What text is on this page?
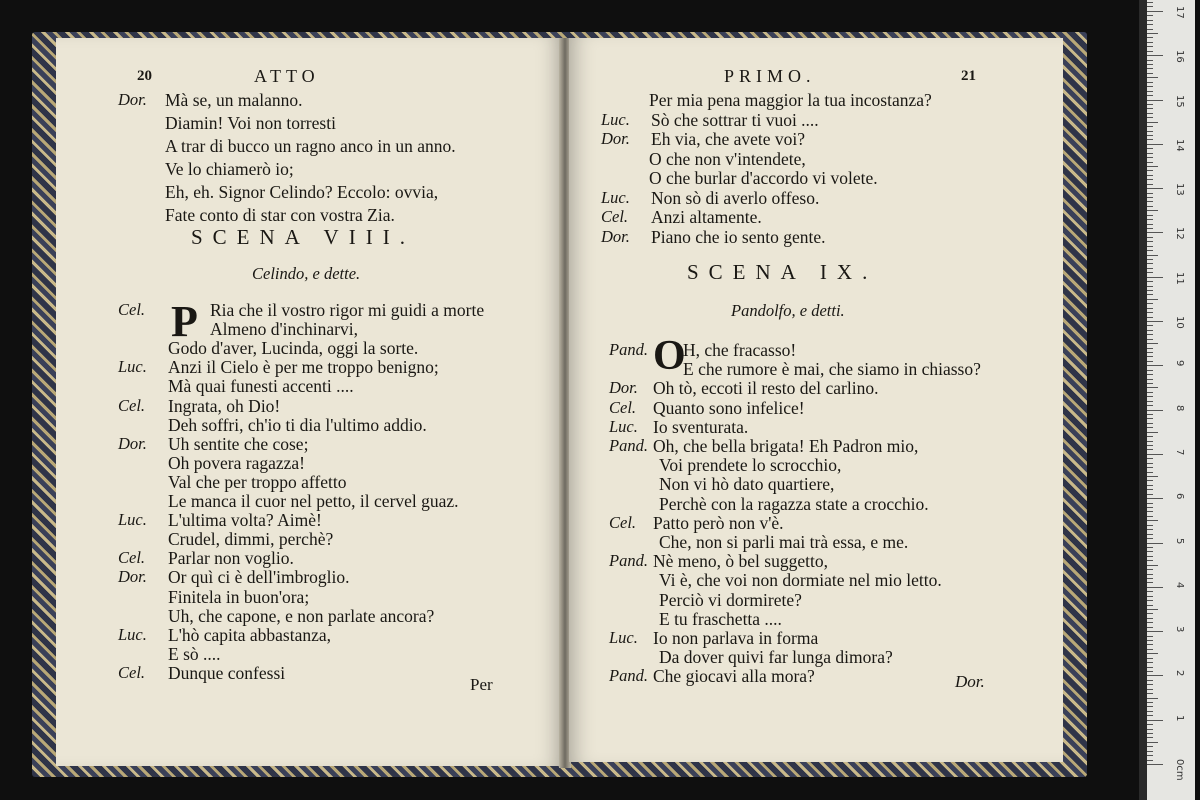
20	ATTO
Dor. Mà se, un malanno.
Diamin! Voi non torresti
A trar di bucco un ragno anco in un anno.
Ve lo chiamerò io;
Eh, eh. Signor Celindo? Eccolo: ovvia,
Fate conto di star con vostra Zia.
SCENA VIII.
Celindo, e dette.
P
Cel.	Ria che il vostro rigor mi guidi a morte
Almeno d'inchinarvi,
Godo d'aver, Lucinda, oggi la sorte.
Luc. Anzi il Cielo è per me troppo benigno;
Mà quai funesti accenti ....
Cel. Ingrata, oh Dio!
Deh soffri, ch'io ti dia l'ultimo addio.
Dor. Uh sentite che cose;
Oh povera ragazza!
Val che per troppo affetto
Le manca il cuor nel petto, il cervel guaz.
Luc. L'ultima volta? Aimè!
Crudel, dimmi, perchè?
Cel. Parlar non voglio.
Dor. Or quì ci è dell'imbroglio.
Finitela in buon'ora;
Uh, che capone, e non parlate ancora?
Luc. L'hò capita abbastanza,
E sò ....
Cel. Dunque confessi
Per
PRIMO.	21
Per mia pena maggior la tua incostanza?
Luc. Sò che sottrar ti vuoi ....
Dor. Eh via, che avete voi?
O che non v'intendete,
O che burlar d'accordo vi volete.
Luc. Non sò di averlo offeso.
Cel. Anzi altamente.
Dor. Piano che io sento gente.
SCENA IX.
Pandolfo, e detti.
O
Pand. H, che fracasso!
E che rumore è mai, che siamo in chiasso?
Dor. Oh tò, eccoti il resto del carlino.
Cel. Quanto sono infelice!
Luc. Io sventurata.
Pand. Oh, che bella brigata! Eh Padron mio,
Voi prendete lo scrocchio,
Non vi hò dato quartiere,
Perchè con la ragazza state a crocchio.
Cel. Patto però non v'è.
Che, non si parli mai trà essa, e me.
Pand. Nè meno, ò bel suggetto,
Vi è, che voi non dormiate nel mio letto.
Perciò vi dormirete?
E tu fraschetta ....
Luc. Io non parlava in forma
Da dover quivi far lunga dimora?
Pand. Che giocavi alla mora?	Dor.
17
16
15
14
13
12
11
10
9
8
7
6
5
4
3
2
1
0cm
